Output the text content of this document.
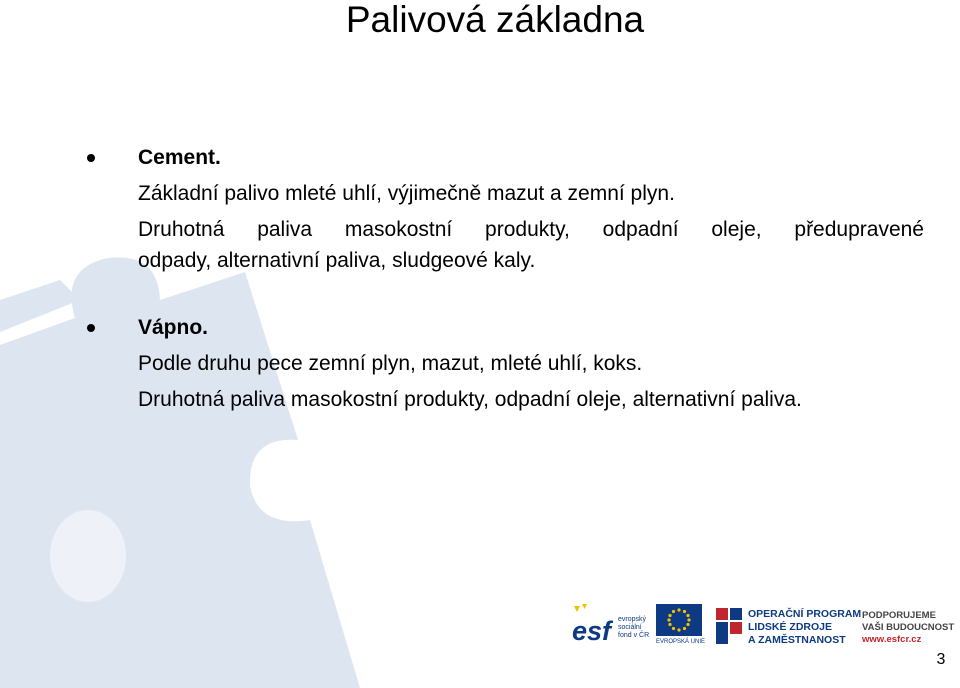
Palivová základna
Cement.
Základní palivo mleté uhlí, výjimečně mazut a zemní plyn.
Druhotná paliva masokostní produkty, odpadní oleje, předupravené
odpady, alternativní paliva, sludgeové kaly.
Vápno.
Podle druhu pece zemní plyn, mazut, mleté uhlí, koks.
Druhotná paliva masokostní produkty, odpadní oleje, alternativní paliva.
esf evropský
sociální
fond v ČR
EVROPSKÁ UNIE
OPERAČNÍ PROGRAM
LIDSKÉ ZDROJE
A ZAMĚSTNANOST
PODPORUJEME
VAŠI BUDOUCNOST
www.esfcr.cz
3
